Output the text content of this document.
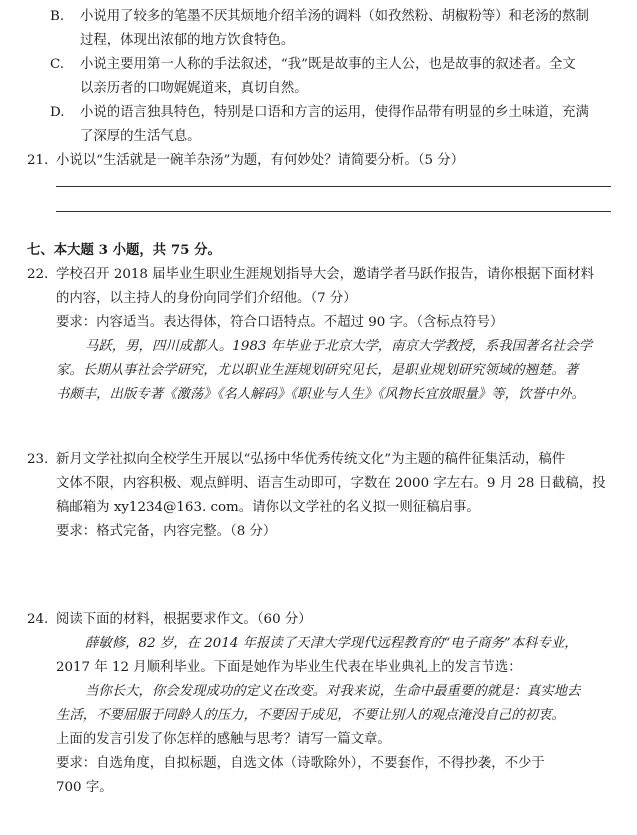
B. 小说用了较多的笔墨不厌其烦地介绍羊汤的调料（如孜然粉、胡椒粉等）和老汤的熬制
过程，体现出浓郁的地方饮食特色。
C. 小说主要用第一人称的手法叙述，“我”既是故事的主人公，也是故事的叙述者。全文
以亲历者的口吻娓娓道来，真切自然。
D. 小说的语言独具特色，特别是口语和方言的运用，使得作品带有明显的乡土味道，充满
了深厚的生活气息。
21. 小说以“生活就是一碗羊杂汤”为题，有何妙处？请简要分析。（5 分）
七、本大题 3 小题，共 75 分。
22. 学校召开 2018 届毕业生职业生涯规划指导大会，邀请学者马跃作报告，请你根据下面材料
的内容，以主持人的身份向同学们介绍他。（7 分）
要求：内容适当。表达得体，符合口语特点。不超过 90 字。（含标点符号）
马跃，男，四川成都人。1983 年毕业于北京大学，南京大学教授，系我国著名社会学
家。长期从事社会学研究，尤以职业生涯规划研究见长，是职业规划研究领域的翘楚。著
书颇丰，出版专著《激荡》《名人解码》《职业与人生》《风物长宜放眼量》等，饮誉中外。
23. 新月文学社拟向全校学生开展以“弘扬中华优秀传统文化”为主题的稿件征集活动，稿件
文体不限，内容积极、观点鲜明、语言生动即可，字数在 2000 字左右。9 月 28 日截稿，投
稿邮箱为 xy1234@163. com。请你以文学社的名义拟一则征稿启事。
要求：格式完备，内容完整。（8 分）
24. 阅读下面的材料，根据要求作文。（60 分）
薛敏修，82 岁，在 2014 年报读了天津大学现代远程教育的“电子商务”本科专业，
2017 年 12 月顺利毕业。下面是她作为毕业生代表在毕业典礼上的发言节选：
当你长大，你会发现成功的定义在改变。对我来说，生命中最重要的就是：真实地去
生活，不要屈服于同龄人的压力，不要因于成见，不要让别人的观点淹没自己的初衷。
上面的发言引发了你怎样的感触与思考？请写一篇文章。
要求：自选角度，自拟标题，自选文体（诗歌除外），不要套作，不得抄袭，不少于
700 字。
